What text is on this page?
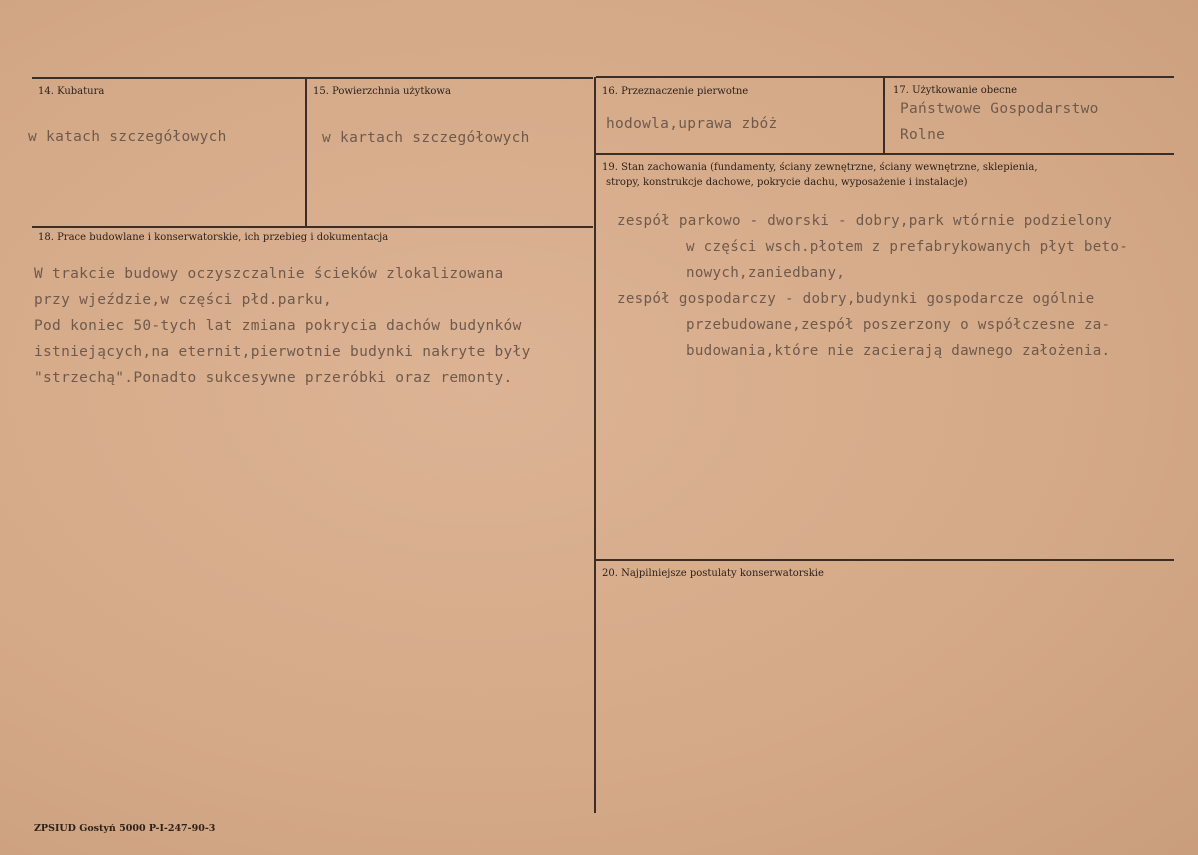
14. Kubatura
w katach szczegółowych
15. Powierzchnia użytkowa
w kartach szczegółowych
16. Przeznaczenie pierwotne
hodowla,uprawa zbóż
17. Użytkowanie obecne
Państwowe Gospodarstwo
Rolne
18. Prace budowlane i konserwatorskie, ich przebieg i dokumentacja
W trakcie budowy oczyszczalnie ścieków zlokalizowana
przy wjeździe,w części płd.parku,
Pod koniec 50-tych lat zmiana pokrycia dachów budynków
istniejących,na eternit,pierwotnie budynki nakryte były
"strzechą".Ponadto sukcesywne przeróbki oraz remonty.
19. Stan zachowania (fundamenty, ściany zewnętrzne, ściany wewnętrzne, sklepienia,
stropy, konstrukcje dachowe, pokrycie dachu, wyposażenie i instalacje)
zespół parkowo - dworski - dobry,park wtórnie podzielony
w części wsch.płotem z prefabrykowanych płyt beto-
nowych,zaniedbany,
zespół gospodarczy - dobry,budynki gospodarcze ogólnie
przebudowane,zespół poszerzony o współczesne za-
budowania,które nie zacierają dawnego założenia.
20. Najpilniejsze postulaty konserwatorskie
ZPSIUD Gostyń 5000 P-I-247-90-3
